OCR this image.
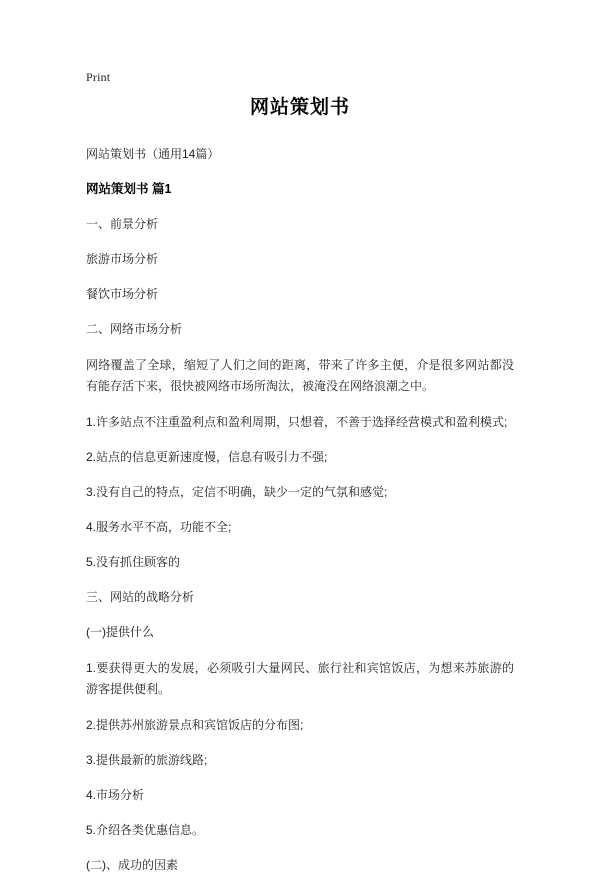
Print
网站策划书

网站策划书（通用14篇）

网站策划书 篇1

一、前景分析

旅游市场分析

餐饮市场分析

二、网络市场分析

网络覆盖了全球，缩短了人们之间的距离，带来了许多主便，介是很多网站都没有能存活下来，很快被网络市场所淘汰，被淹没在网络浪潮之中。

1.许多站点不注重盈利点和盈利周期，只想着，不善于选择经营模式和盈利模式;

2.站点的信息更新速度慢，信息有吸引力不强;

3.没有自己的特点，定信不明确，缺少一定的气氛和感觉;

4.服务水平不高，功能不全;

5.没有抓住顾客的

三、网站的战略分析

(一)提供什么

1.要获得更大的发展，必须吸引大量网民、旅行社和宾馆饭店，为想来苏旅游的游客提供便利。

2.提供苏州旅游景点和宾馆饭店的分布图;

3.提供最新的旅游线路;

4.市场分析

5.介绍各类优惠信息。

(二)、成功的因素
